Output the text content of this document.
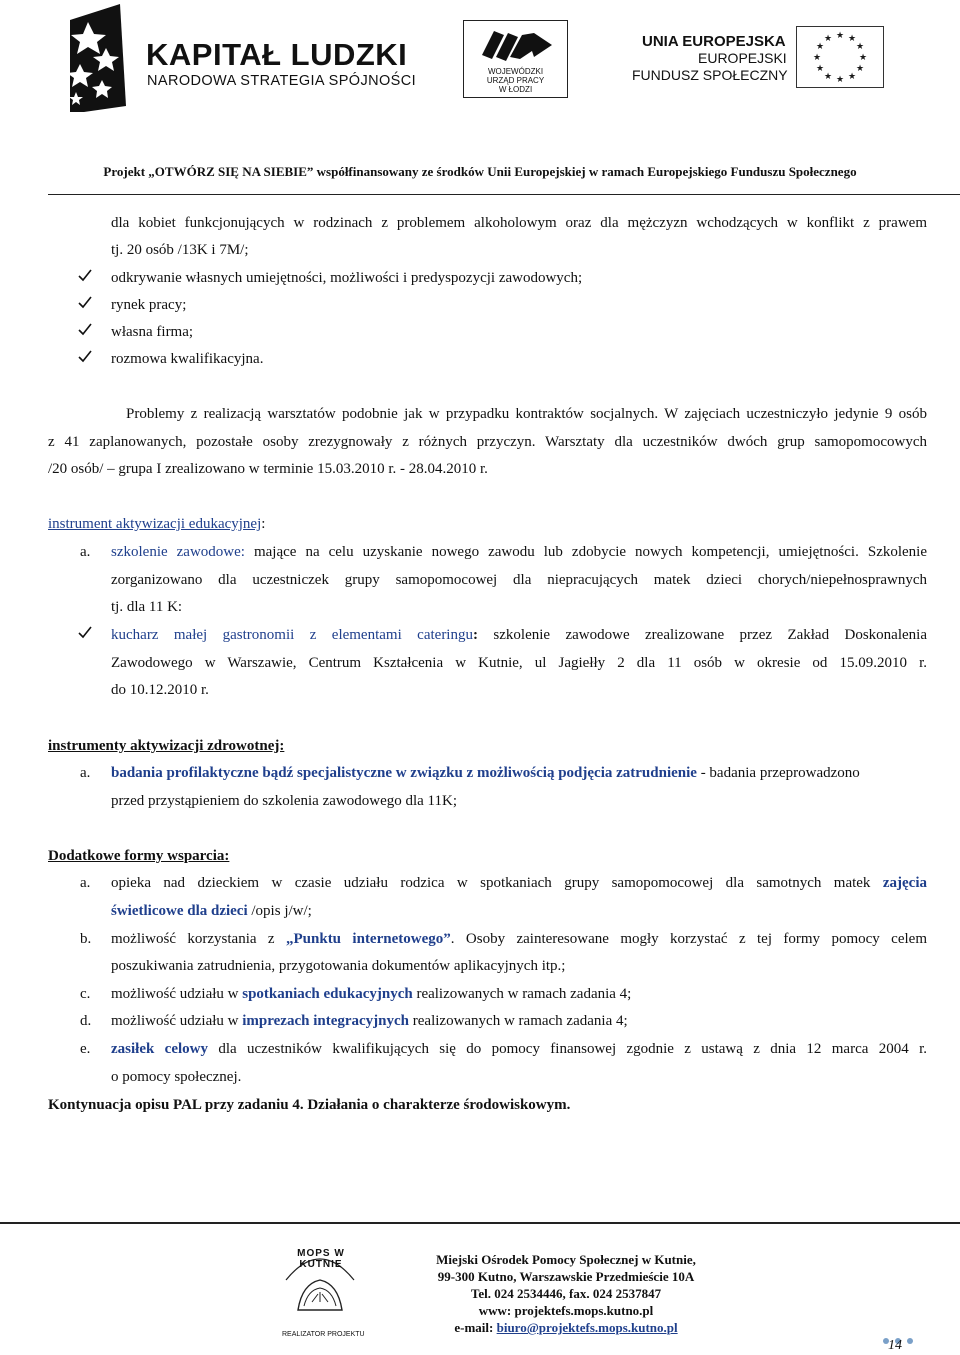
KAPITAŁ LUDZKI
NARODOWA STRATEGIA SPÓJNOŚCI
WOJEWÓDZKI
URZĄD PRACY
W ŁODZI
UNIA EUROPEJSKA
EUROPEJSKI
FUNDUSZ SPOŁECZNY
★ ★
★
★
★
★
★
★
★
★
★
★
Projekt „OTWÓRZ SIĘ NA SIEBIE” współfinansowany ze środków Unii Europejskiej w ramach Europejskiego Funduszu Społecznego
dla kobiet funkcjonujących w rodzinach z problemem alkoholowym oraz dla mężczyzn wchodzących w konflikt z prawem
tj. 20 osób /13K i 7M/;
odkrywanie własnych umiejętności, możliwości i predyspozycji zawodowych;
rynek pracy;
własna firma;
rozmowa kwalifikacyjna.
Problemy z realizacją warsztatów podobnie jak w przypadku kontraktów socjalnych. W zajęciach uczestniczyło jedynie 9 osób
z 41 zaplanowanych, pozostałe osoby zrezygnowały z różnych przyczyn. Warsztaty dla uczestników dwóch grup samopomocowych
/20 osób/ – grupa I zrealizowano w terminie 15.03.2010 r. - 28.04.2010 r.
instrument aktywizacji edukacyjnej:
a. szkolenie zawodowe: mające na celu uzyskanie nowego zawodu lub zdobycie nowych kompetencji, umiejętności. Szkolenie
zorganizowano dla uczestniczek grupy samopomocowej dla niepracujących matek dzieci chorych/niepełnosprawnych
tj. dla 11 K:
kucharz małej gastronomii z elementami cateringu: szkolenie zawodowe zrealizowane przez Zakład Doskonalenia
Zawodowego w Warszawie, Centrum Kształcenia w Kutnie, ul Jagiełły 2 dla 11 osób w okresie od 15.09.2010 r.
do 10.12.2010 r.
instrumenty aktywizacji zdrowotnej:
a. badania profilaktyczne bądź specjalistyczne w związku z możliwością podjęcia zatrudnienie - badania przeprowadzono
przed przystąpieniem do szkolenia zawodowego dla 11K;
Dodatkowe formy wsparcia:
a. opieka nad dzieckiem w czasie udziału rodzica w spotkaniach grupy samopomocowej dla samotnych matek zajęcia
świetlicowe dla dzieci /opis j/w/;
b. możliwość korzystania z „Punktu internetowego”. Osoby zainteresowane mogły korzystać z tej formy pomocy celem
poszukiwania zatrudnienia, przygotowania dokumentów aplikacyjnych itp.;
c. możliwość udziału w spotkaniach edukacyjnych realizowanych w ramach zadania 4;
d. możliwość udziału w imprezach integracyjnych realizowanych w ramach zadania 4;
e. zasiłek celowy dla uczestników kwalifikujących się do pomocy finansowej zgodnie z ustawą z dnia 12 marca 2004 r.
o pomocy społecznej.
Kontynuacja opisu PAL przy zadaniu 4. Działania o charakterze środowiskowym.
MOPS W KUTNIE
REALIZATOR PROJEKTU
Miejski Ośrodek Pomocy Społecznej w Kutnie,
99-300 Kutno, Warszawskie Przedmieście 10A
Tel. 024 2534446, fax. 024 2537847
www: projektefs.mops.kutno.pl
e-mail: biuro@projektefs.mops.kutno.pl
14
